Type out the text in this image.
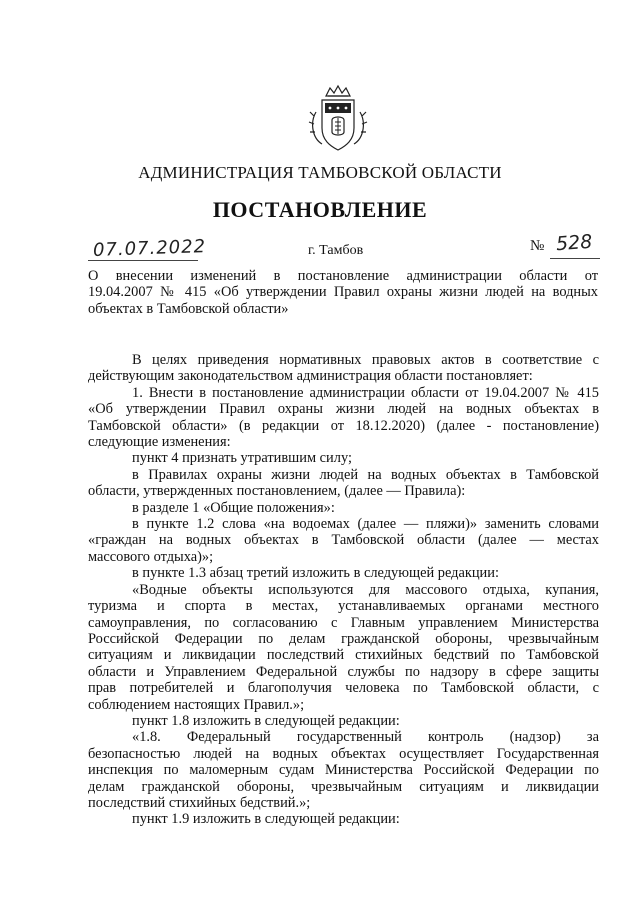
АДМИНИСТРАЦИЯ ТАМБОВСКОЙ ОБЛАСТИ
ПОСТАНОВЛЕНИЕ
07.07.2022	г. Тамбов	№ 528
О внесении изменений в постановление администрации области от
19.04.2007 № 415 «Об утверждении Правил охраны жизни людей на водных
объектах в Тамбовской области»
В целях приведения нормативных правовых актов в соответствие с
действующим законодательством администрация области постановляет:
1. Внести в постановление администрации области от 19.04.2007 № 415
«Об утверждении Правил охраны жизни людей на водных объектах в
Тамбовской области» (в редакции от 18.12.2020) (далее - постановление)
следующие изменения:
пункт 4 признать утратившим силу;
в Правилах охраны жизни людей на водных объектах в Тамбовской
области, утвержденных постановлением, (далее — Правила):
в разделе 1 «Общие положения»:
в пункте 1.2 слова «на водоемах (далее — пляжи)» заменить словами
«граждан на водных объектах в Тамбовской области (далее — местах
массового отдыха)»;
в пункте 1.3 абзац третий изложить в следующей редакции:
«Водные объекты используются для массового отдыха, купания,
туризма и спорта в местах, устанавливаемых органами местного
самоуправления, по согласованию с Главным управлением Министерства
Российской Федерации по делам гражданской обороны, чрезвычайным
ситуациям и ликвидации последствий стихийных бедствий по Тамбовской
области и Управлением Федеральной службы по надзору в сфере защиты
прав потребителей и благополучия человека по Тамбовской области, с
соблюдением настоящих Правил.»;
пункт 1.8 изложить в следующей редакции:
«1.8. Федеральный государственный контроль (надзор) за
безопасностью людей на водных объектах осуществляет Государственная
инспекция по маломерным судам Министерства Российской Федерации по
делам гражданской обороны, чрезвычайным ситуациям и ликвидации
последствий стихийных бедствий.»;
пункт 1.9 изложить в следующей редакции:
